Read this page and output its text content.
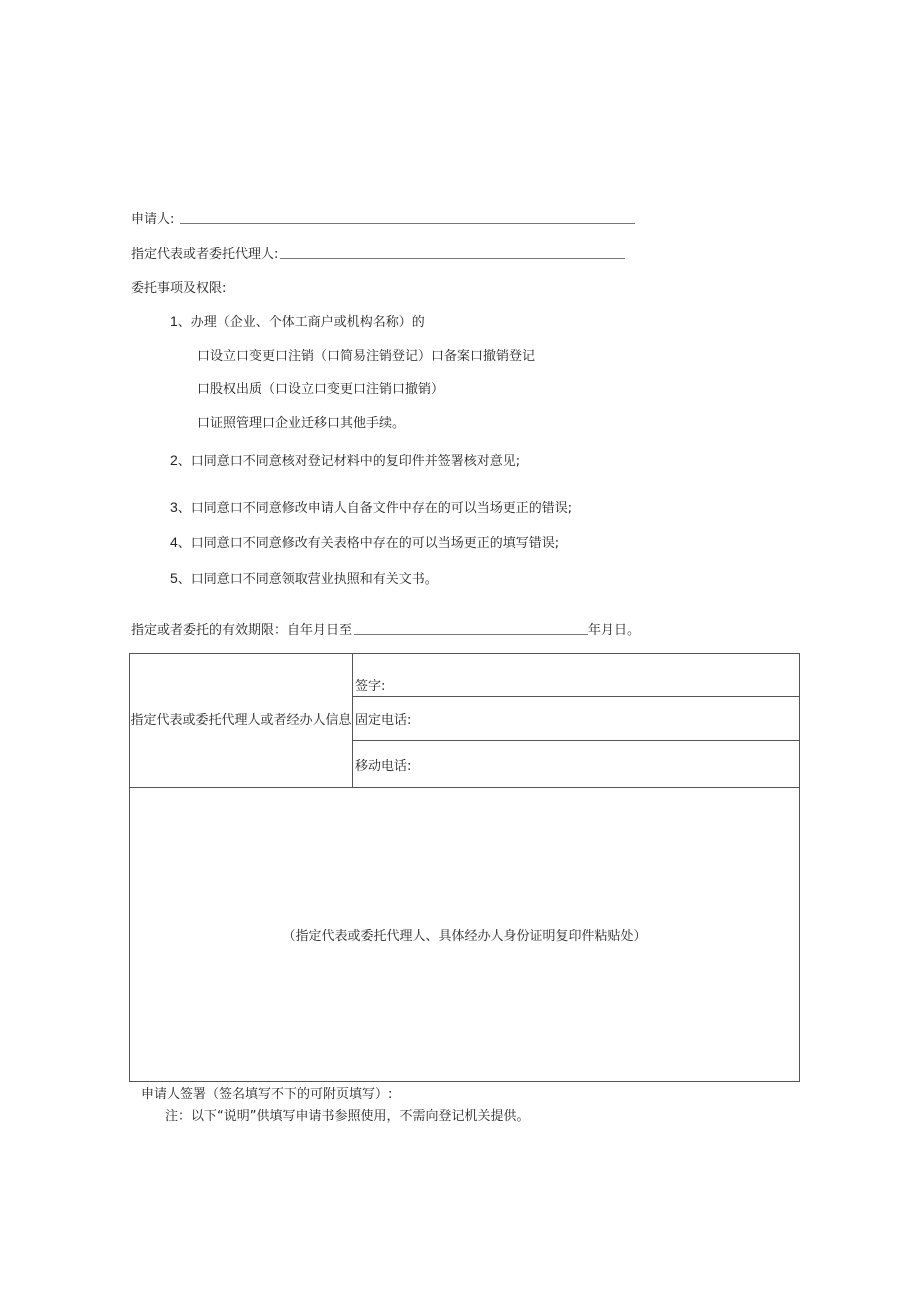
申请人:
指定代表或者委托代理人:
委托事项及权限:
1、办理（企业、个体工商户或机构名称）的
口设立口变更口注销（口简易注销登记）口备案口撤销登记
口股权出质（口设立口变更口注销口撤销）
口证照管理口企业迁移口其他手续。
2、口同意口不同意核对登记材料中的复印件并签署核对意见;
3、口同意口不同意修改申请人自备文件中存在的可以当场更正的错误;
4、口同意口不同意修改有关表格中存在的可以当场更正的填写错误;
5、口同意口不同意领取营业执照和有关文书。
指定或者委托的有效期限：自年月日至	年月日。
指定代表或委托代理人或者经办人信息	签字:
固定电话:
移动电话:
（指定代表或委托代理人、具体经办人身份证明复印件粘贴处）
申请人签署（签名填写不下的可附页填写）:
注：以下“说明”供填写申请书参照使用，不需向登记机关提供。
